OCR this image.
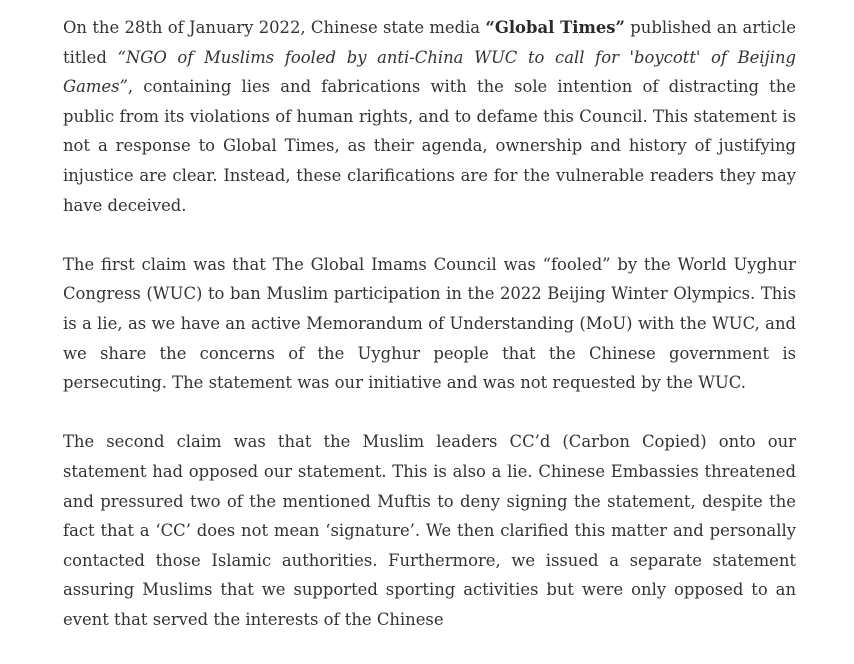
On the 28th of January 2022, Chinese state media “Global Times” published an article titled “NGO of Muslims fooled by anti-China WUC to call for 'boycott' of Beijing Games”, containing lies and fabrications with the sole intention of distracting the public from its violations of human rights, and to defame this Council. This statement is not a response to Global Times, as their agenda, ownership and history of justifying injustice are clear. Instead, these clarifications are for the vulnerable readers they may have deceived.

The first claim was that The Global Imams Council was “fooled” by the World Uyghur Congress (WUC) to ban Muslim participation in the 2022 Beijing Winter Olympics. This is a lie, as we have an active Memorandum of Understanding (MoU) with the WUC, and we share the concerns of the Uyghur people that the Chinese government is persecuting. The statement was our initiative and was not requested by the WUC.

The second claim was that the Muslim leaders CC’d (Carbon Copied) onto our statement had opposed our statement. This is also a lie. Chinese Embassies threatened and pressured two of the mentioned Muftis to deny signing the statement, despite the fact that a ‘CC’ does not mean ‘signature’. We then clarified this matter and personally contacted those Islamic authorities. Furthermore, we issued a separate statement assuring Muslims that we supported sporting activities but were only opposed to an event that served the interests of the Chinese
